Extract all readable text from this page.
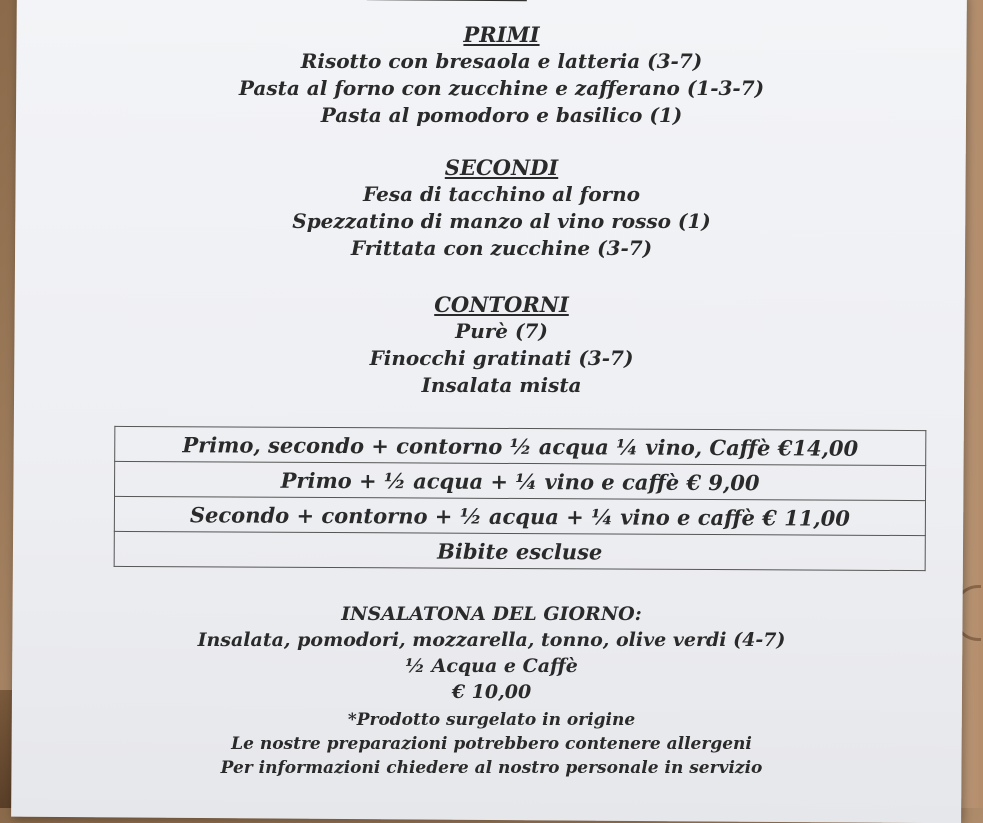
PRIMI

Risotto con bresaola e latteria (3-7)

Pasta al forno con zucchine e zafferano (1-3-7)

Pasta al pomodoro e basilico (1)

SECONDI

Fesa di tacchino al forno

Spezzatino di manzo al vino rosso (1)

Frittata con zucchine (3-7)

CONTORNI

Purè (7)

Finocchi gratinati (3-7)

Insalata mista

Primo, secondo + contorno ½ acqua ¼ vino, Caffè €14,00
Primo + ½ acqua + ¼ vino e caffè € 9,00
Secondo + contorno + ½ acqua + ¼ vino e caffè € 11,00
Bibite escluse

INSALATONA DEL GIORNO:

Insalata, pomodori, mozzarella, tonno, olive verdi (4-7)

½ Acqua e Caffè

€ 10,00

*Prodotto surgelato in origine

Le nostre preparazioni potrebbero contenere allergeni

Per informazioni chiedere al nostro personale in servizio
